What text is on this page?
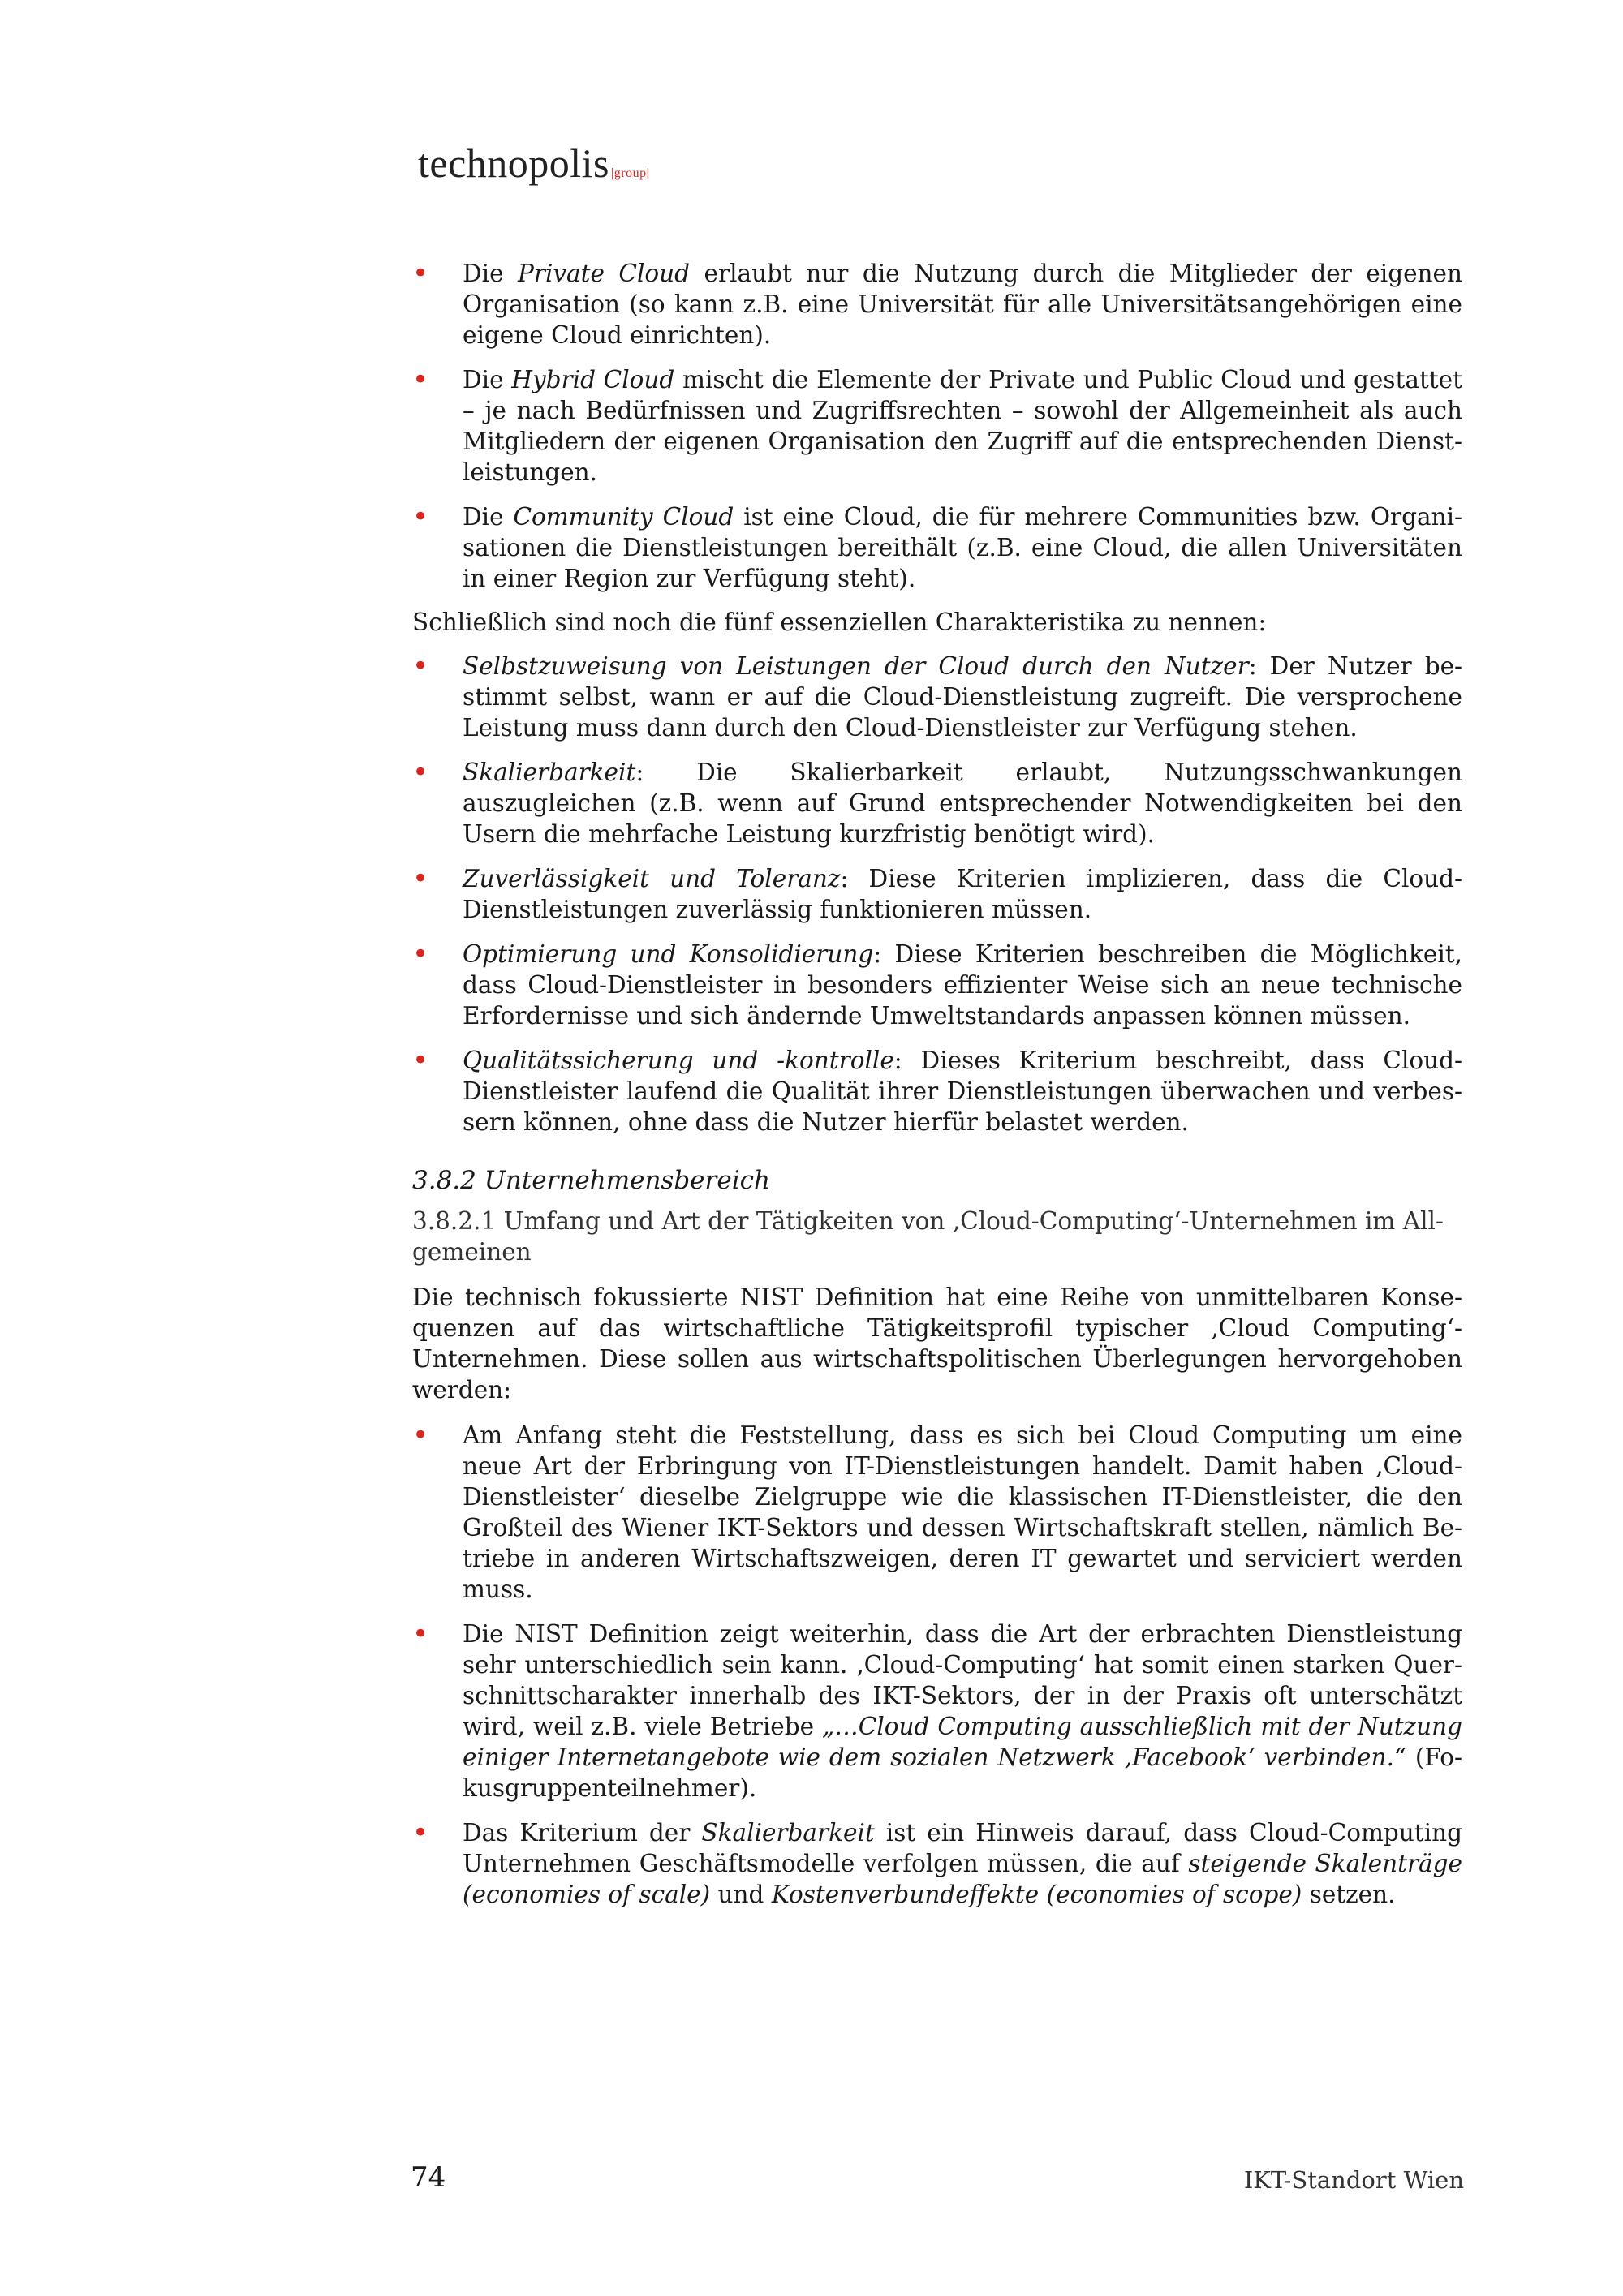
technopolis |group|
• Die Private Cloud erlaubt nur die Nutzung durch die Mitglieder der eigenen Organisation (so kann z.B. eine Universität für alle Universitätsangehörigen eine eigene Cloud einrichten).
• Die Hybrid Cloud mischt die Elemente der Private und Public Cloud und gestattet – je nach Bedürfnissen und Zugriffsrechten – sowohl der Allgemeinheit als auch Mitgliedern der eigenen Organisation den Zugriff auf die entsprechenden Dienstleistungen.
• Die Community Cloud ist eine Cloud, die für mehrere Communities bzw. Organisationen die Dienstleistungen bereithält (z.B. eine Cloud, die allen Universitäten in einer Region zur Verfügung steht).

Schließlich sind noch die fünf essenziellen Charakteristika zu nennen:

• Selbstzuweisung von Leistungen der Cloud durch den Nutzer: Der Nutzer bestimmt selbst, wann er auf die Cloud-Dienstleistung zugreift. Die versprochene Leistung muss dann durch den Cloud-Dienstleister zur Verfügung stehen.
• Skalierbarkeit: Die Skalierbarkeit erlaubt, Nutzungsschwankungen auszugleichen (z.B. wenn auf Grund entsprechender Notwendigkeiten bei den Usern die mehrfache Leistung kurzfristig benötigt wird).
• Zuverlässigkeit und Toleranz: Diese Kriterien implizieren, dass die Cloud-Dienstleistungen zuverlässig funktionieren müssen.
• Optimierung und Konsolidierung: Diese Kriterien beschreiben die Möglichkeit, dass Cloud-Dienstleister in besonders effizienter Weise sich an neue technische Erfordernisse und sich ändernde Umweltstandards anpassen können müssen.
• Qualitätssicherung und -kontrolle: Dieses Kriterium beschreibt, dass Cloud-Dienstleister laufend die Qualität ihrer Dienstleistungen überwachen und verbessern können, ohne dass die Nutzer hierfür belastet werden.

3.8.2 Unternehmensbereich

3.8.2.1 Umfang und Art der Tätigkeiten von ‚Cloud-Computing‘-Unternehmen im Allgemeinen

Die technisch fokussierte NIST Definition hat eine Reihe von unmittelbaren Konsequenzen auf das wirtschaftliche Tätigkeitsprofil typischer ‚Cloud Computing‘-Unternehmen. Diese sollen aus wirtschaftspolitischen Überlegungen hervorgehoben werden:

• Am Anfang steht die Feststellung, dass es sich bei Cloud Computing um eine neue Art der Erbringung von IT-Dienstleistungen handelt. Damit haben ‚Cloud-Dienstleister‘ dieselbe Zielgruppe wie die klassischen IT-Dienstleister, die den Großteil des Wiener IKT-Sektors und dessen Wirtschaftskraft stellen, nämlich Betriebe in anderen Wirtschaftszweigen, deren IT gewartet und serviciert werden muss.
• Die NIST Definition zeigt weiterhin, dass die Art der erbrachten Dienstleistung sehr unterschiedlich sein kann. ‚Cloud-Computing‘ hat somit einen starken Querschnittscharakter innerhalb des IKT-Sektors, der in der Praxis oft unterschätzt wird, weil z.B. viele Betriebe „…Cloud Computing ausschließlich mit der Nutzung einiger Internetangebote wie dem sozialen Netzwerk ‚Facebook‘ verbinden.“ (Fokusgruppenteilnehmer).
• Das Kriterium der Skalierbarkeit ist ein Hinweis darauf, dass Cloud-Computing Unternehmen Geschäftsmodelle verfolgen müssen, die auf steigende Skalenträge (economies of scale) und Kostenverbundeffekte (economies of scope) setzen.
74	IKT-Standort Wien
